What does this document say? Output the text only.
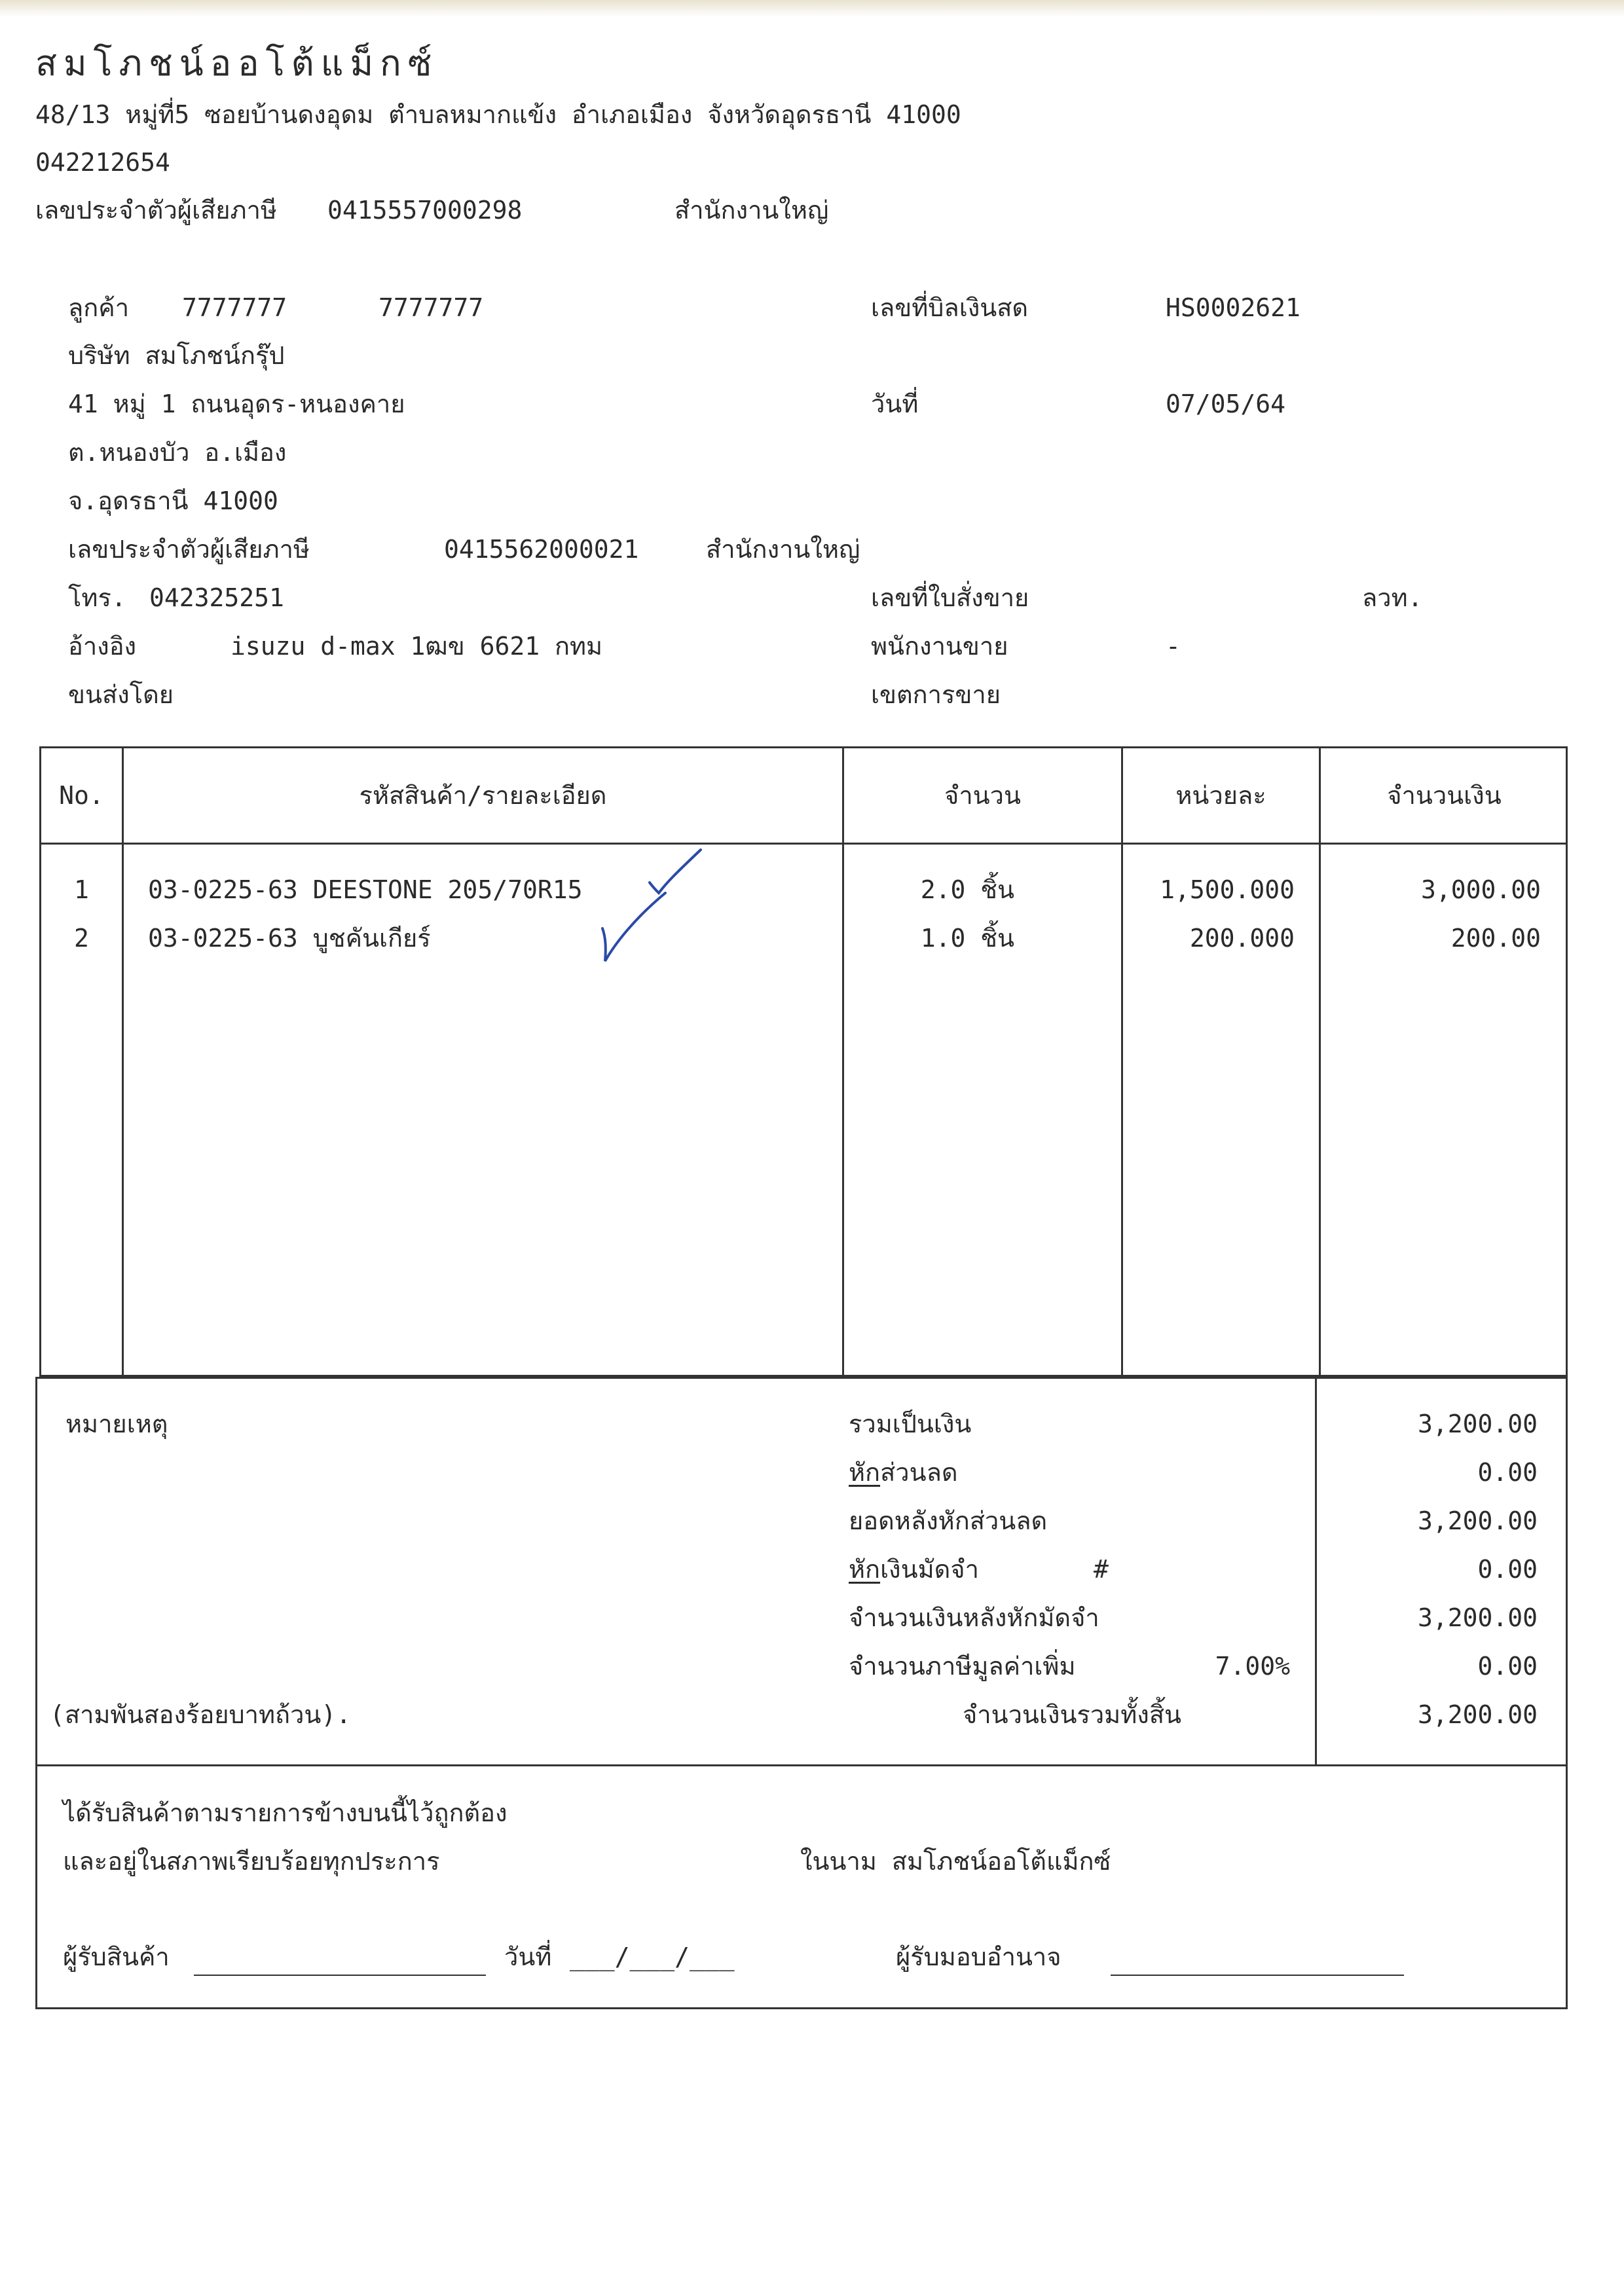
สมโภชน์ออโต้แม็กซ์
48/13 หมู่ที่5 ซอยบ้านดงอุดม ตำบลหมากแข้ง อำเภอเมือง จังหวัดอุดรธานี 41000
042212654
เลขประจำตัวผู้เสียภาษี 0415557000298	สำนักงานใหญ่
ลูกค้า 7777777	7777777
บริษัท สมโภชน์กรุ๊ป
41 หมู่ 1 ถนนอุดร-หนองคาย
ต.หนองบัว อ.เมือง
จ.อุดรธานี 41000
เลขประจำตัวผู้เสียภาษี	0415562000021	สำนักงานใหญ่
โทร. 042325251
อ้างอิง	isuzu d-max 1ฒข 6621 กทม
ขนส่งโดย
เลขที่บิลเงินสด	HS0002621
วันที่	07/05/64
เลขที่ใบสั่งขาย	ลวท.
พนักงานขาย	-
เขตการขาย
No.	รหัสสินค้า/รายละเอียด	จำนวน	หน่วยละ	จำนวนเงิน
1	03-0225-63 DEESTONE 205/70R15	2.0 ชิ้น	1,500.000	3,000.00
2	03-0225-63 บูชคันเกียร์	1.0 ชิ้น	200.000	200.00
หมายเหตุ	รวมเป็นเงิน	3,200.00
หักส่วนลด	0.00
ยอดหลังหักส่วนลด	3,200.00
หักเงินมัดจำ	#	0.00
จำนวนเงินหลังหักมัดจำ	3,200.00
จำนวนภาษีมูลค่าเพิ่ม	7.00%	0.00
(สามพันสองร้อยบาทถ้วน).	จำนวนเงินรวมทั้งสิ้น	3,200.00
ได้รับสินค้าตามรายการข้างบนนี้ไว้ถูกต้อง
และอยู่ในสภาพเรียบร้อยทุกประการ	ในนาม สมโภชน์ออโต้แม็กซ์
ผู้รับสินค้า	วันที่ ___/___/___	ผู้รับมอบอำนาจ
